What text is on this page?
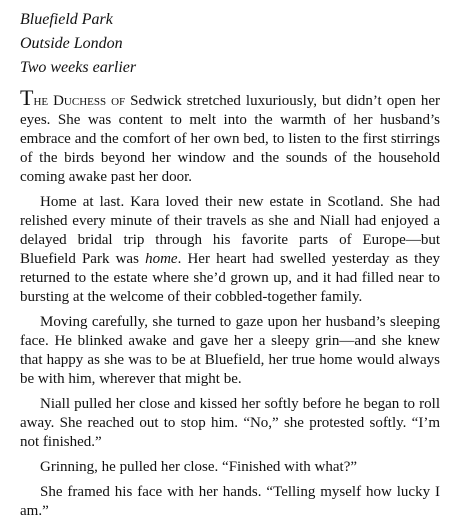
Bluefield Park

Outside London

Two weeks earlier

The Duchess of Sedwick stretched luxuriously, but didn’t open her eyes. She was content to melt into the warmth of her husband’s embrace and the comfort of her own bed, to listen to the first stirrings of the birds beyond her window and the sounds of the household coming awake past her door.

Home at last. Kara loved their new estate in Scotland. She had relished every minute of their travels as she and Niall had enjoyed a delayed bridal trip through his favorite parts of Europe—but Bluefield Park was home. Her heart had swelled yesterday as they returned to the estate where she’d grown up, and it had filled near to bursting at the welcome of their cobbled-together family.

Moving carefully, she turned to gaze upon her husband’s sleeping face. He blinked awake and gave her a sleepy grin—and she knew that happy as she was to be at Bluefield, her true home would always be with him, wherever that might be.

Niall pulled her close and kissed her softly before he began to roll away. She reached out to stop him. “No,” she protested softly. “I’m not finished.”

Grinning, he pulled her close. “Finished with what?”

She framed his face with her hands. “Telling myself how lucky I am.”
